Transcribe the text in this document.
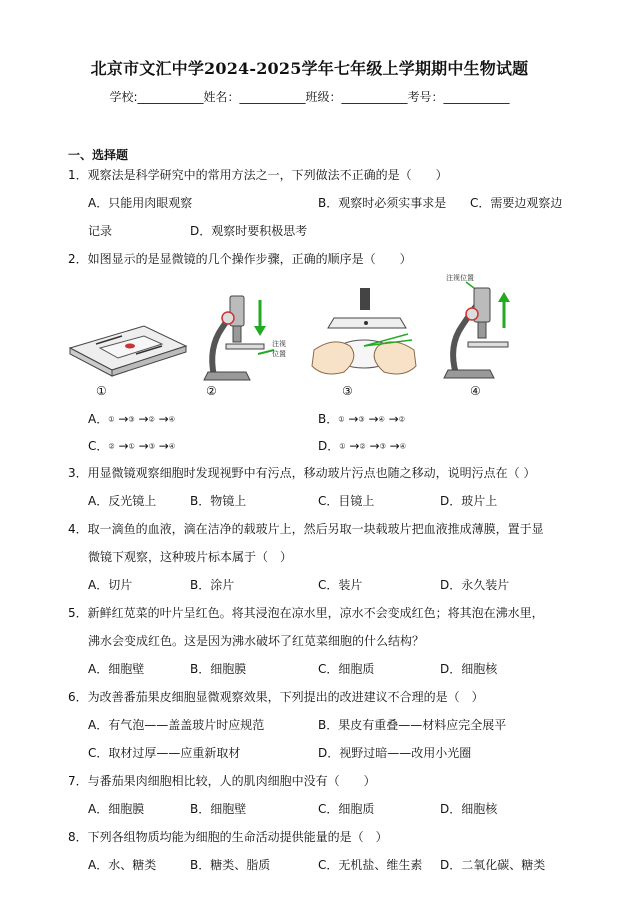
北京市文汇中学2024-2025学年七年级上学期期中生物试题
学校:___________姓名：___________班级：___________考号：___________
一、选择题
1．观察法是科学研究中的常用方法之一，下列做法不正确的是（　　）
A．只能用肉眼观察	B．观察时必须实事求是 C．需要边观察边
记录	D．观察时要积极思考
2．如图显示的是显微镜的几个操作步骤，正确的顺序是（　　）
①
注视
位置
②	③
注视位置
④
A．① →③ →② →④	B．① →③ →④ →②
C．② →① →③ →④	D．① →② →③ →④
3．用显微镜观察细胞时发现视野中有污点，移动玻片污点也随之移动，说明污点在（ ）
A．反光镜上	B．物镜上	C．目镜上	D．玻片上
4．取一滴鱼的血液，滴在洁净的载玻片上，然后另取一块载玻片把血液推成薄膜，置于显
微镜下观察，这种玻片标本属于（　）
A．切片	B．涂片	C．装片	D．永久装片
5．新鲜红苋菜的叶片呈红色。将其浸泡在凉水里，凉水不会变成红色；将其泡在沸水里，
沸水会变成红色。这是因为沸水破坏了红苋菜细胞的什么结构？
A．细胞壁	B．细胞膜	C．细胞质	D．细胞核
6．为改善番茄果皮细胞显微观察效果，下列提出的改进建议不合理的是（　）
A．有气泡——盖盖玻片时应规范	B．果皮有重叠——材料应完全展平
C．取材过厚——应重新取材	D．视野过暗——改用小光圈
7．与番茄果肉细胞相比较，人的肌肉细胞中没有（　　）
A．细胞膜	B．细胞壁	C．细胞质	D．细胞核
8．下列各组物质均能为细胞的生命活动提供能量的是（　）
A．水、糖类	B．糖类、脂质	C．无机盐、维生素 D．二氧化碳、糖类
